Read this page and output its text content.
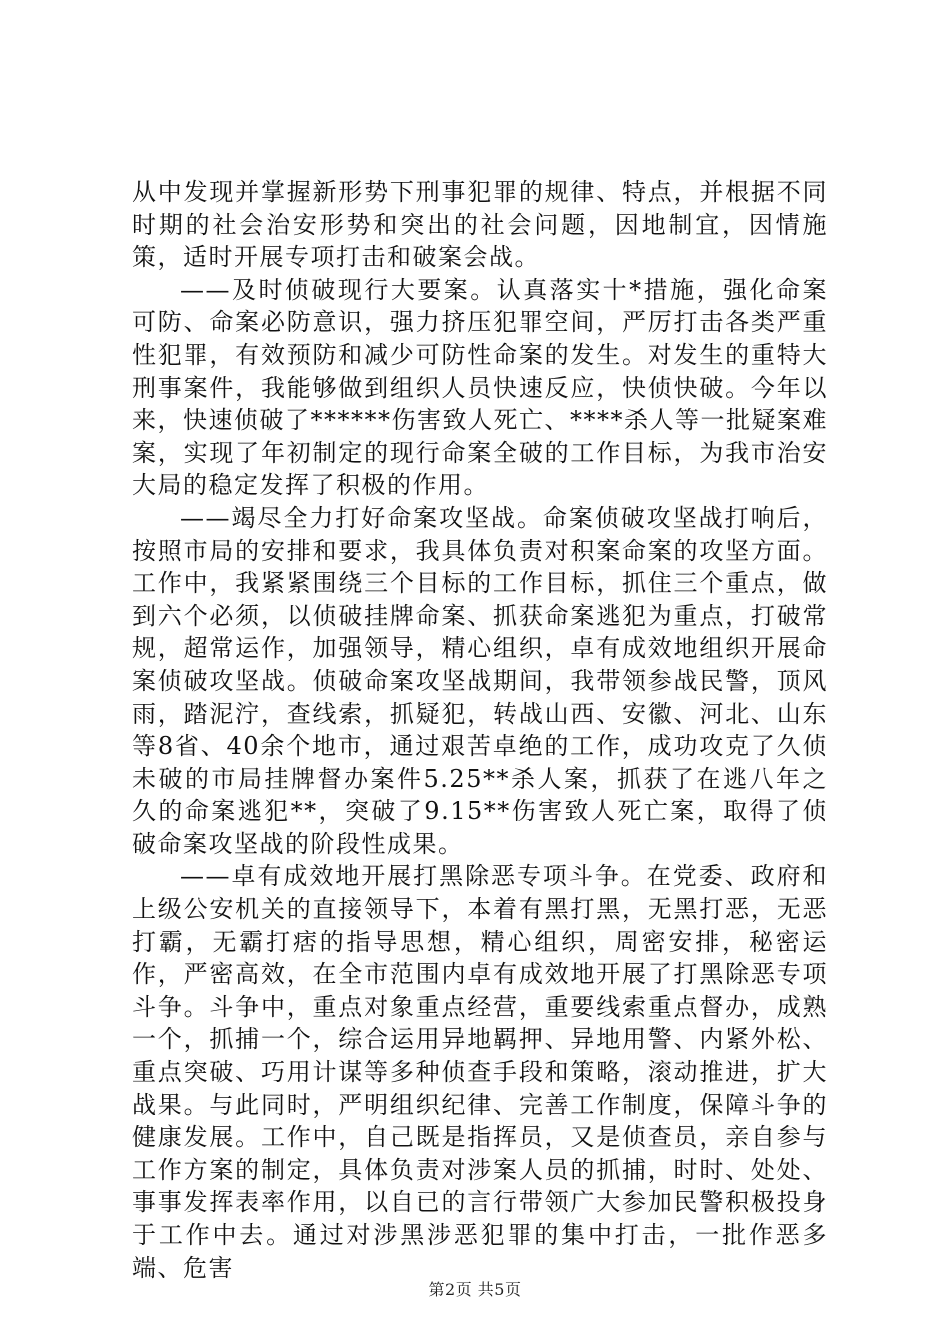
从中发现并掌握新形势下刑事犯罪的规律、特点，并根据不同时期的社会治安形势和突出的社会问题，因地制宜，因情施策，适时开展专项打击和破案会战。

——及时侦破现行大要案。认真落实十*措施，强化命案可防、命案必防意识，强力挤压犯罪空间，严厉打击各类严重性犯罪，有效预防和减少可防性命案的发生。对发生的重特大刑事案件，我能够做到组织人员快速反应，快侦快破。今年以来，快速侦破了******伤害致人死亡、****杀人等一批疑案难案，实现了年初制定的现行命案全破的工作目标，为我市治安大局的稳定发挥了积极的作用。

——竭尽全力打好命案攻坚战。命案侦破攻坚战打响后，按照市局的安排和要求，我具体负责对积案命案的攻坚方面。工作中，我紧紧围绕三个目标的工作目标，抓住三个重点，做到六个必须，以侦破挂牌命案、抓获命案逃犯为重点，打破常规，超常运作，加强领导，精心组织，卓有成效地组织开展命案侦破攻坚战。侦破命案攻坚战期间，我带领参战民警，顶风雨，踏泥泞，查线索，抓疑犯，转战山西、安徽、河北、山东等8省、40余个地市，通过艰苦卓绝的工作，成功攻克了久侦未破的市局挂牌督办案件5.25**杀人案，抓获了在逃八年之久的命案逃犯**，突破了9.15**伤害致人死亡案，取得了侦破命案攻坚战的阶段性成果。

——卓有成效地开展打黑除恶专项斗争。在党委、政府和上级公安机关的直接领导下，本着有黑打黑，无黑打恶，无恶打霸，无霸打痞的指导思想，精心组织，周密安排，秘密运作，严密高效，在全市范围内卓有成效地开展了打黑除恶专项斗争。斗争中，重点对象重点经营，重要线索重点督办，成熟一个，抓捕一个，综合运用异地羁押、异地用警、内紧外松、重点突破、巧用计谋等多种侦查手段和策略，滚动推进，扩大战果。与此同时，严明组织纪律、完善工作制度，保障斗争的健康发展。工作中，自己既是指挥员，又是侦查员，亲自参与工作方案的制定，具体负责对涉案人员的抓捕，时时、处处、事事发挥表率作用，以自已的言行带领广大参加民警积极投身于工作中去。通过对涉黑涉恶犯罪的集中打击，一批作恶多端、危害

第2页 共5页
